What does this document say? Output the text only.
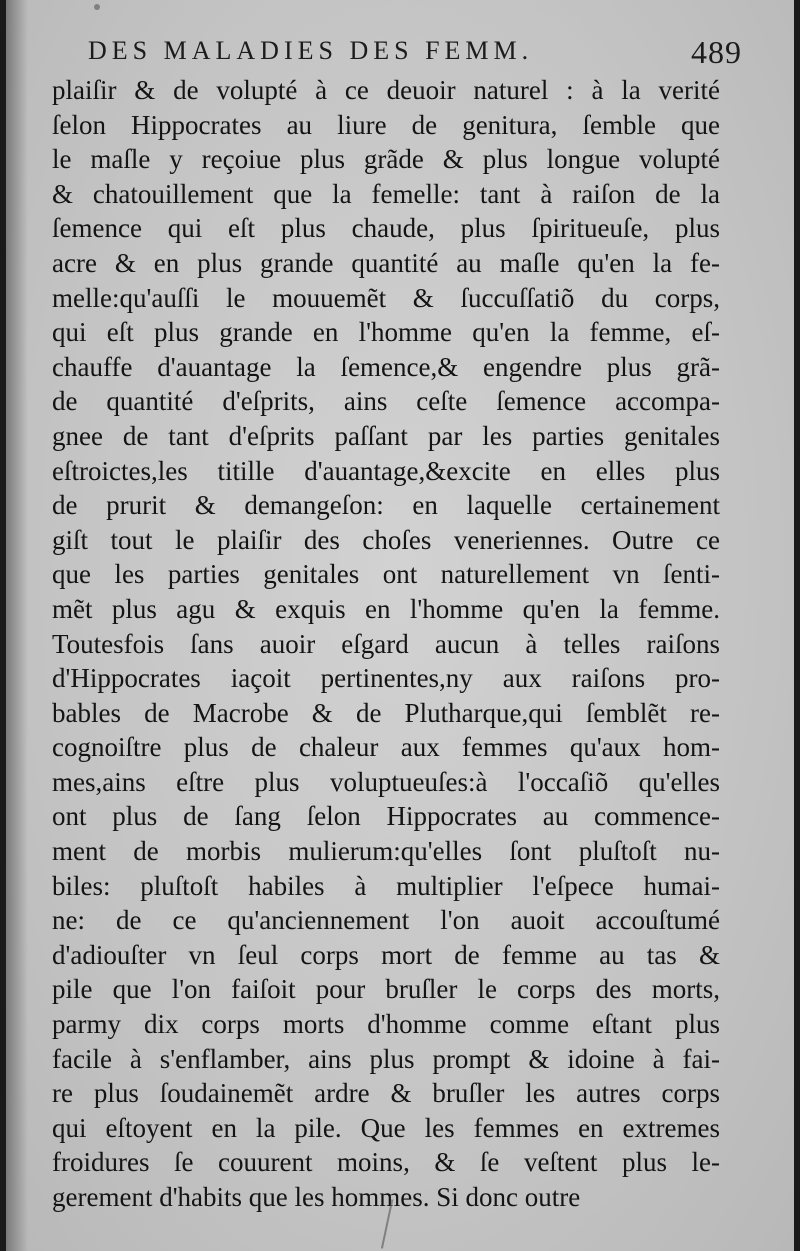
DES MALADIES DES FEMM.	489
plaiſir & de volupté à ce deuoir naturel : à la verité
ſelon Hippocrates au liure de genitura, ſemble que
le maſle y reçoiue plus grãde & plus longue volupté
& chatouillement que la femelle: tant à raiſon de la
ſemence qui eſt plus chaude, plus ſpiritueuſe, plus
acre & en plus grande quantité au maſle qu'en la fe-
melle:qu'auſſi le mouuemẽt & ſuccuſſatiõ du corps,
qui eſt plus grande en l'homme qu'en la femme, eſ-
chauffe d'auantage la ſemence,& engendre plus grã-
de quantité d'eſprits, ains ceſte ſemence accompa-
gnee de tant d'eſprits paſſant par les parties genitales
eſtroictes,les titille d'auantage,&excite en elles plus
de prurit & demangeſon: en laquelle certainement
giſt tout le plaiſir des choſes veneriennes. Outre ce
que les parties genitales ont naturellement vn ſenti-
mẽt plus agu & exquis en l'homme qu'en la femme.
Toutesfois ſans auoir eſgard aucun à telles raiſons
d'Hippocrates iaçoit pertinentes,ny aux raiſons pro-
bables de Macrobe & de Plutharque,qui ſemblẽt re-
cognoiſtre plus de chaleur aux femmes qu'aux hom-
mes,ains eſtre plus voluptueuſes:à l'occaſiõ qu'elles
ont plus de ſang ſelon Hippocrates au commence-
ment de morbis mulierum:qu'elles ſont pluſtoſt nu-
biles: pluſtoſt habiles à multiplier l'eſpece humai-
ne: de ce qu'anciennement l'on auoit accouſtumé
d'adiouſter vn ſeul corps mort de femme au tas &
pile que l'on faiſoit pour bruſler le corps des morts,
parmy dix corps morts d'homme comme eſtant plus
facile à s'enflamber, ains plus prompt & idoine à fai-
re plus ſoudainemẽt ardre & bruſler les autres corps
qui eſtoyent en la pile. Que les femmes en extremes
froidures ſe couurent moins, & ſe veſtent plus le-
gerement d'habits que les hommes. Si donc outre
